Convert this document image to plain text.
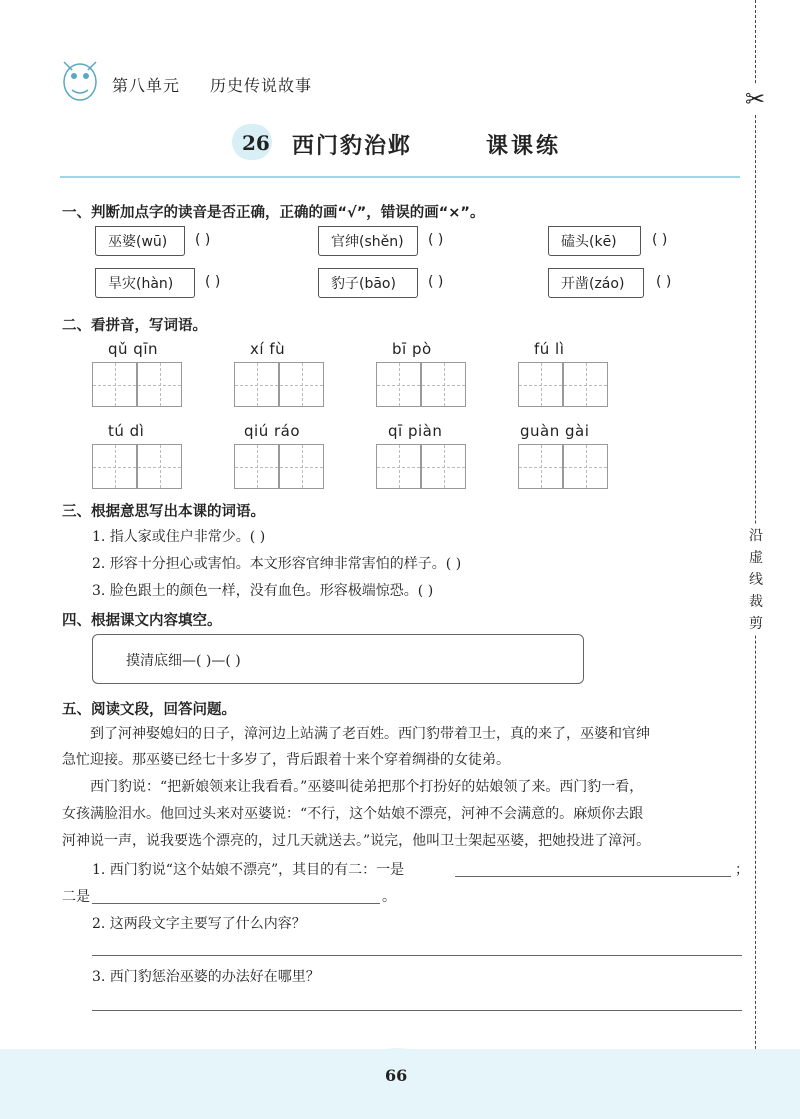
第八单元 历史传说故事
26 西门豹治邺	课课练
一、判断加点字的读音是否正确，正确的画“√”，错误的画“×”。
巫婆(wū) ( )	官绅(shěn) ( )	磕头(kē)	( )
旱灾(hàn) ( )	豹子(bāo) ( )	开凿(záo) ( )
二、看拼音，写词语。
qǔ qīn	xí fù	bī pò	fú lì
tú dì	qiú ráo	qī piàn	guàn gài
三、根据意思写出本课的词语。
1. 指人家或住户非常少。( )
2. 形容十分担心或害怕。本文形容官绅非常害怕的样子。( )
3. 脸色跟土的颜色一样，没有血色。形容极端惊恐。( )
四、根据课文内容填空。
摸清底细—( )—( )
五、阅读文段，回答问题。
到了河神娶媳妇的日子，漳河边上站满了老百姓。西门豹带着卫士，真的来了，巫婆和官绅
急忙迎接。那巫婆已经七十多岁了，背后跟着十来个穿着绸褂的女徒弟。
西门豹说：“把新娘领来让我看看。”巫婆叫徒弟把那个打扮好的姑娘领了来。西门豹一看，
女孩满脸泪水。他回过头来对巫婆说：“不行，这个姑娘不漂亮，河神不会满意的。麻烦你去跟
河神说一声，说我要选个漂亮的，过几天就送去。”说完，他叫卫士架起巫婆，把她投进了漳河。
1. 西门豹说“这个姑娘不漂亮”，其目的有二：一是	；
二是	。
2. 这两段文字主要写了什么内容？
3. 西门豹惩治巫婆的办法好在哪里？
✂
沿虚线裁剪
66
